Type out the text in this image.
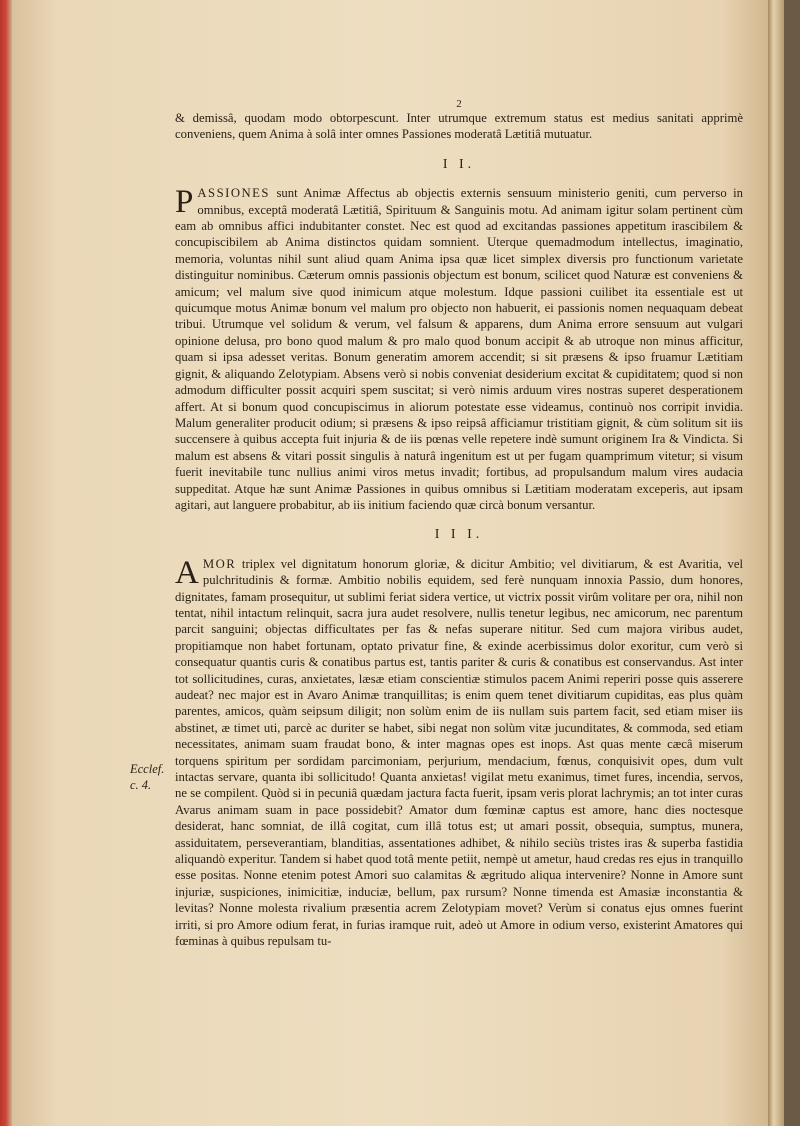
Ecclef.
c. 4.
2

& demissâ, quodam modo obtorpescunt. Inter utrumque extremum status est medius sanitati apprimè conveniens, quem Anima à solâ inter omnes Passiones moderatâ Lætitiâ mutuatur.

I I.

P ASSIONES sunt Animæ Affectus ab objectis externis sensuum ministerio geniti, cum perverso in omnibus, exceptâ moderatâ Lætitiâ, Spirituum & Sanguinis motu. Ad animam igitur solam pertinent cùm eam ab omnibus affici indubitanter constet. Nec est quod ad excitandas passiones appetitum irascibilem & concupiscibilem ab Anima distinctos quidam somnient. Uterque quemadmodum intellectus, imaginatio, memoria, voluntas nihil sunt aliud quam Anima ipsa quæ licet simplex diversis pro functionum varietate distinguitur nominibus. Cæterum omnis passionis objectum est bonum, scilicet quod Naturæ est conveniens & amicum; vel malum sive quod inimicum atque molestum. Idque passioni cuilibet ita essentiale est ut quicumque motus Animæ bonum vel malum pro objecto non habuerit, ei passionis nomen nequaquam debeat tribui. Utrumque vel solidum & verum, vel falsum & apparens, dum Anima errore sensuum aut vulgari opinione delusa, pro bono quod malum & pro malo quod bonum accipit & ab utroque non minus afficitur, quam si ipsa adesset veritas. Bonum generatim amorem accendit; si sit præsens & ipso fruamur Lætitiam gignit, & aliquando Zelotypiam. Absens verò si nobis conveniat desiderium excitat & cupiditatem; quod si non admodum difficulter possit acquiri spem suscitat; si verò nimis arduum vires nostras superet desperationem affert. At si bonum quod concupiscimus in aliorum potestate esse videamus, continuò nos corripit invidia. Malum generaliter producit odium; si præsens & ipso reipsâ afficiamur tristitiam gignit, & cùm solitum sit iis succensere à quibus accepta fuit injuria & de iis pœnas velle repetere indè sumunt originem Ira & Vindicta. Si malum est absens & vitari possit singulis à naturâ ingenitum est ut per fugam quamprimum vitetur; si visum fuerit inevitabile tunc nullius animi viros metus invadit; fortibus, ad propulsandum malum vires audacia suppeditat. Atque hæ sunt Animæ Passiones in quibus omnibus si Lætitiam moderatam exceperis, aut ipsam agitari, aut languere probabitur, ab iis initium faciendo quæ circà bonum versantur.

I I I.

A MOR triplex vel dignitatum honorum gloriæ, & dicitur Ambitio; vel divitiarum, & est Avaritia, vel pulchritudinis & formæ. Ambitio nobilis equidem, sed ferè nunquam innoxia Passio, dum honores, dignitates, famam prosequitur, ut sublimi feriat sidera vertice, ut victrix possit virûm volitare per ora, nihil non tentat, nihil intactum relinquit, sacra jura audet resolvere, nullis tenetur legibus, nec amicorum, nec parentum parcit sanguini; objectas difficultates per fas & nefas superare nititur. Sed cum majora viribus audet, propitiamque non habet fortunam, optato privatur fine, & exinde acerbissimus dolor exoritur, cum verò si consequatur quantis curis & conatibus partus est, tantis pariter & curis & conatibus est conservandus. Ast inter tot sollicitudines, curas, anxietates, læsæ etiam conscientiæ stimulos pacem Animi reperiri posse quis asserere audeat? nec major est in Avaro Animæ tranquillitas; is enim quem tenet divitiarum cupiditas, eas plus quàm parentes, amicos, quàm seipsum diligit; non solùm enim de iis nullam suis partem facit, sed etiam miser iis abstinet, æ timet uti, parcè ac duriter se habet, sibi negat non solùm vitæ jucunditates, & commoda, sed etiam necessitates, animam suam fraudat bono, & inter magnas opes est inops. Ast quas mente cæcâ miserum torquens spiritum per sordidam parcimoniam, perjurium, mendacium, fœnus, conquisivit opes, dum vult intactas servare, quanta ibi sollicitudo! Quanta anxietas! vigilat metu exanimus, timet fures, incendia, servos, ne se compilent. Quòd si in pecuniâ quædam jactura facta fuerit, ipsam veris plorat lachrymis; an tot inter curas Avarus animam suam in pace possidebit? Amator dum fœminæ captus est amore, hanc dies noctesque desiderat, hanc somniat, de illâ cogitat, cum illâ totus est; ut amari possit, obsequia, sumptus, munera, assiduitatem, perseverantiam, blanditias, assentationes adhibet, & nihilo seciùs tristes iras & superba fastidia aliquandò experitur. Tandem si habet quod totâ mente petiit, nempè ut ametur, haud credas res ejus in tranquillo esse positas. Nonne etenim potest Amori suo calamitas & ægritudo aliqua intervenire? Nonne in Amore sunt injuriæ, suspiciones, inimicitiæ, induciæ, bellum, pax rursum? Nonne timenda est Amasiæ inconstantia & levitas? Nonne molesta rivalium præsentia acrem Zelotypiam movet? Verùm si conatus ejus omnes fuerint irriti, si pro Amore odium ferat, in furias iramque ruit, adeò ut Amore in odium verso, existerint Amatores qui fœminas à quibus repulsam tu-
